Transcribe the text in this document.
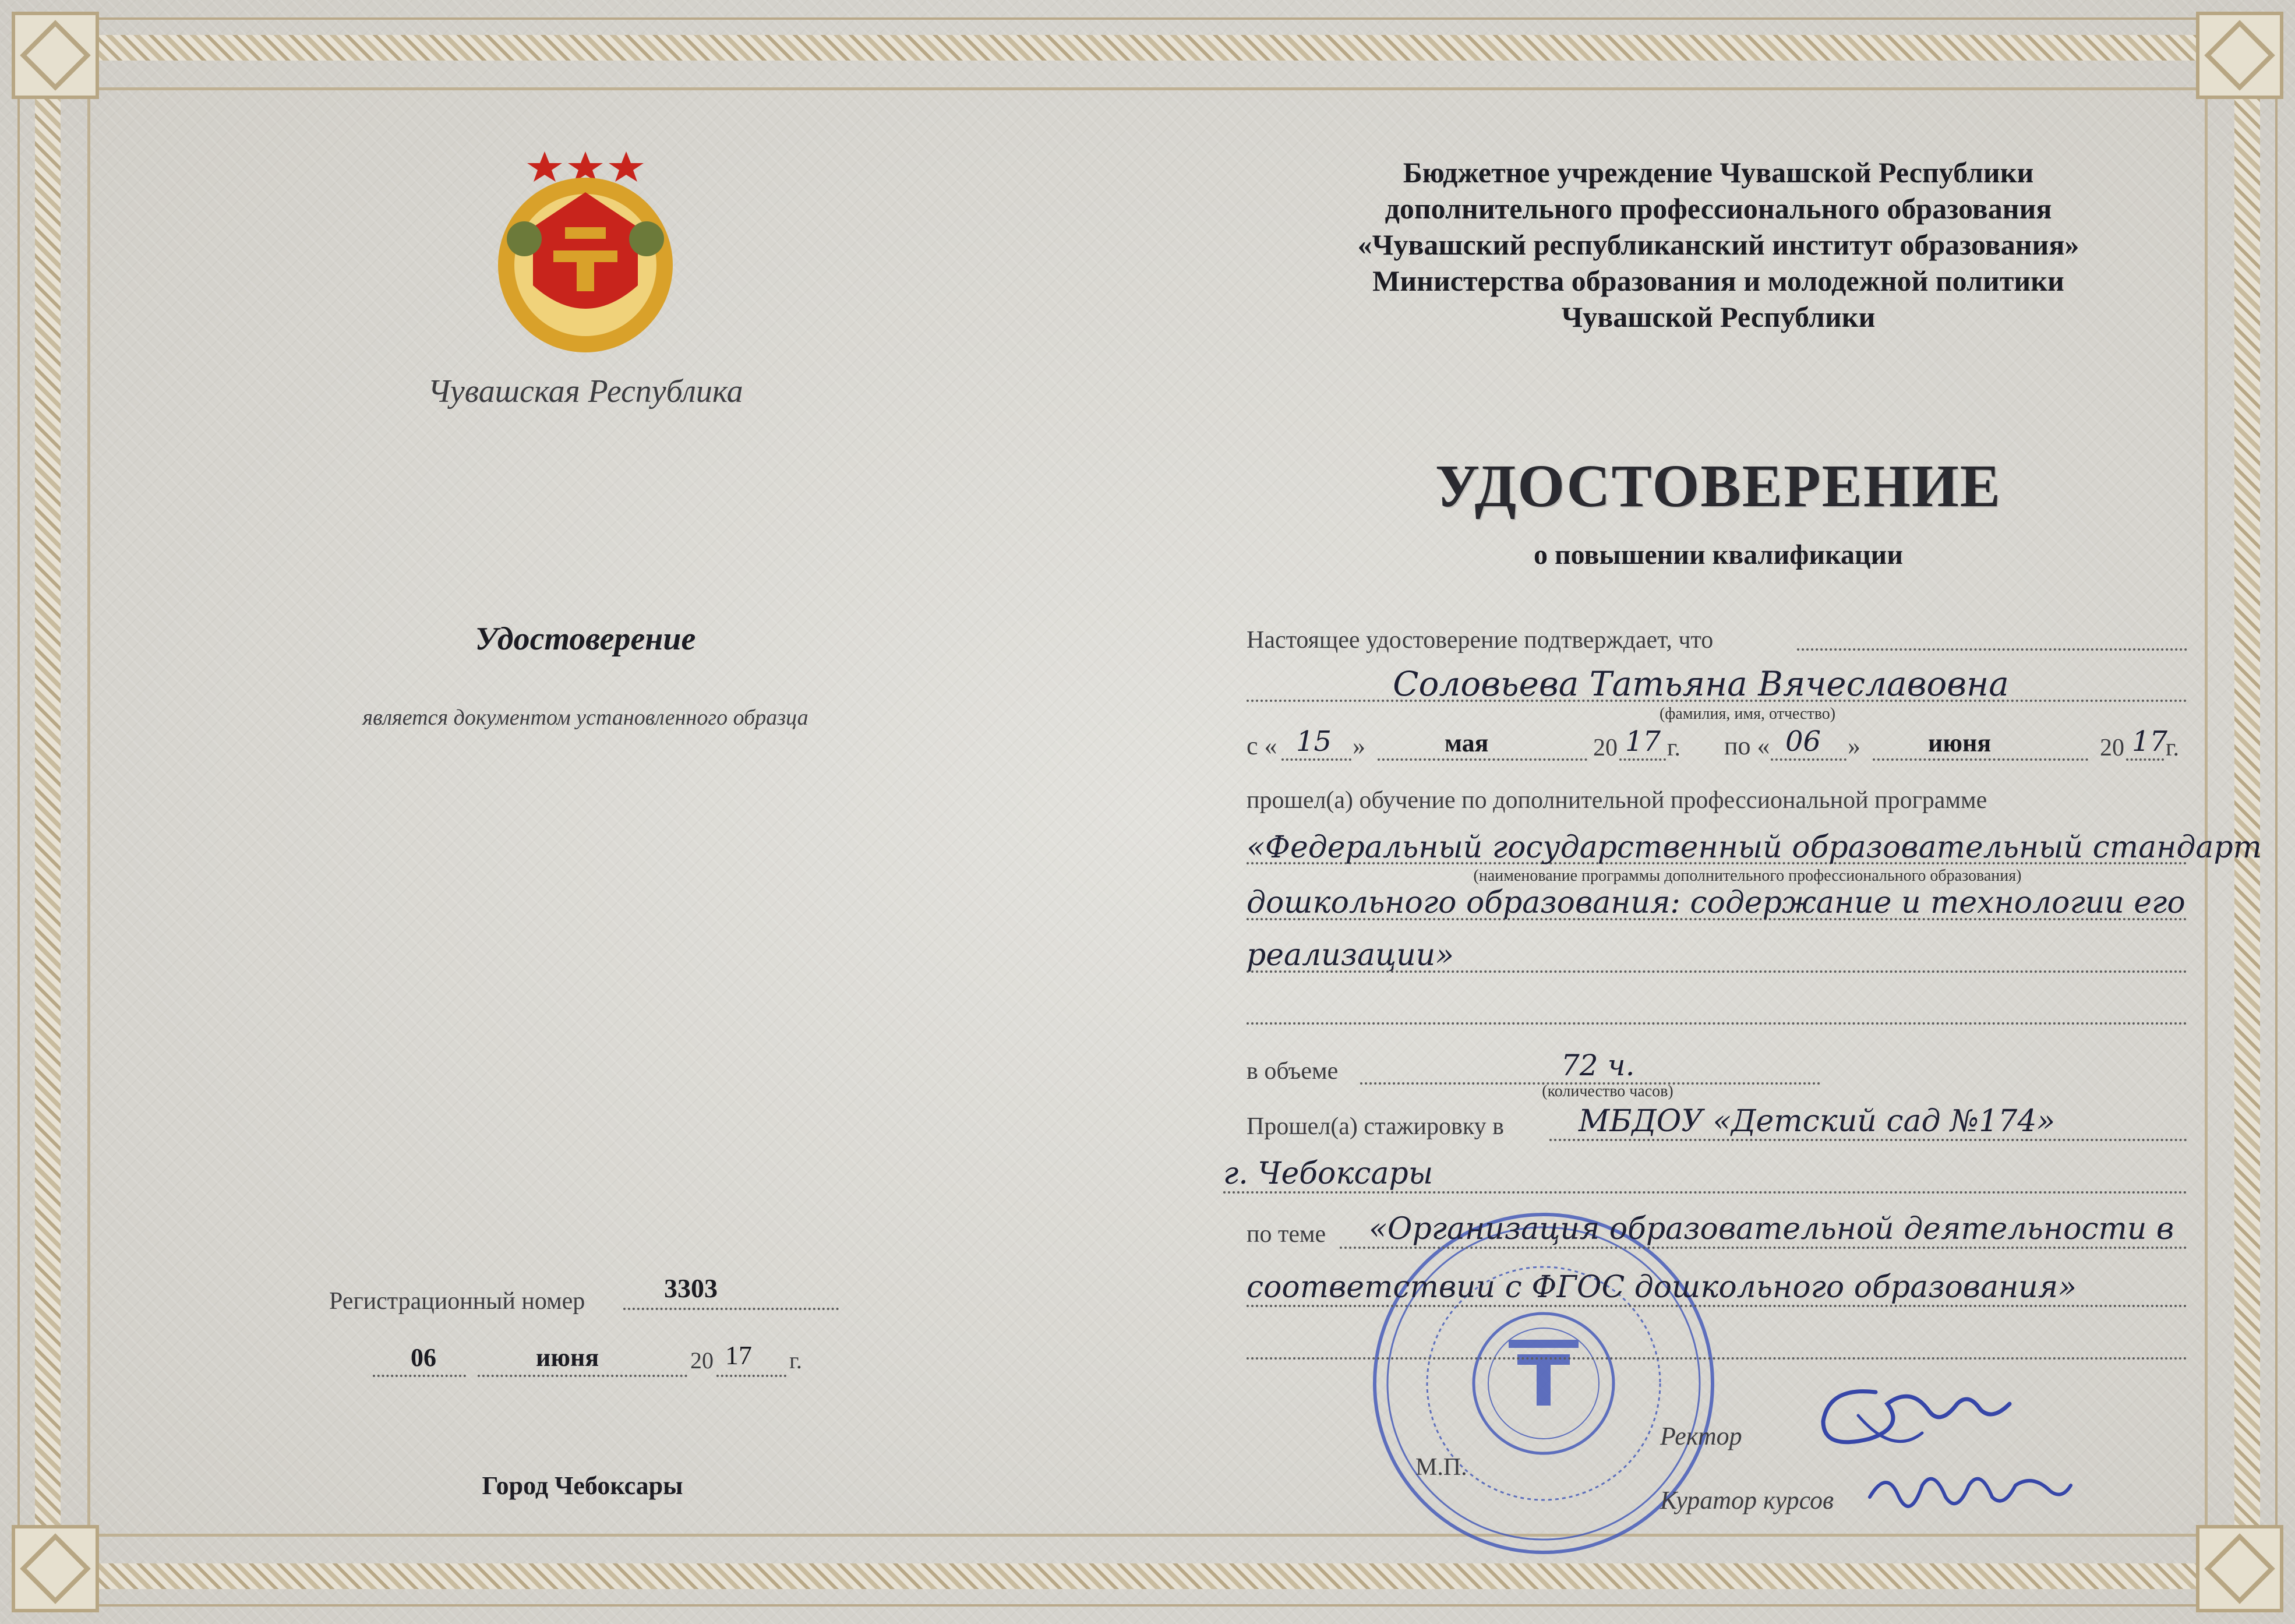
Чувашская Республика
Удостоверение
является документом установленного образца
Регистрационный номер	3303
06	июня	20 17 г.
Город Чебоксары
Бюджетное учреждение Чувашской Республики
дополнительного профессионального образования
«Чувашский республиканский институт образования»
Министерства образования и молодежной политики
Чувашской Республики
УДОСТОВЕРЕНИЕ
о повышении квалификации
Настоящее удостоверение подтверждает, что
Соловьева Татьяна Вячеславовна
(фамилия, имя, отчество)
с « 15 »	мая	20 17 г. по « 06 »	июня	20 17
г.
прошел(а) обучение по дополнительной профессиональной программе
«Федеральный государственный образовательный стандарт
(наименование программы дополнительного профессионального образования)
дошкольного образования: содержание и технологии его
реализации»
в объеме	72 ч.
(количество часов)
Прошел(а) стажировку в МБДОУ «Детский сад №174»
г. Чебоксары
по теме «Организация образовательной деятельности в
соответствии с ФГОС дошкольного образования»
Ректор
М.П.
Куратор курсов
